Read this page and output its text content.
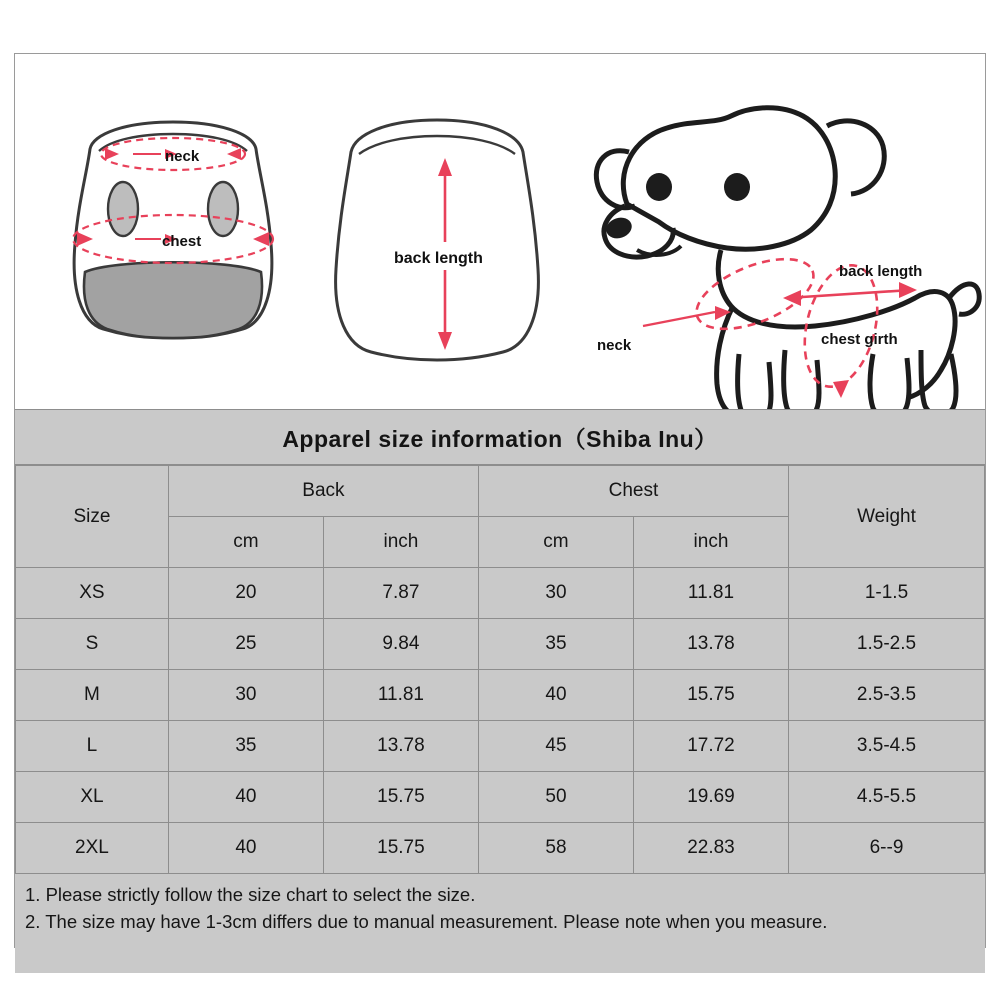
neck
chest
back length
neck	chest girth
back length
Apparel size information（Shiba Inu）
Size	Back		Chest		Weight
	cm	inch	cm	inch	
XS	20	7.87	30	11.81	1-1.5
S	25	9.84	35	13.78	1.5-2.5
M	30	11.81	40	15.75	2.5-3.5
L	35	13.78	45	17.72	3.5-4.5
XL	40	15.75	50	19.69	4.5-5.5
2XL	40	15.75	58	22.83	6--9
1. Please strictly follow the size chart to select the size.
2. The size may have 1-3cm differs due to manual measurement. Please note when you measure.
